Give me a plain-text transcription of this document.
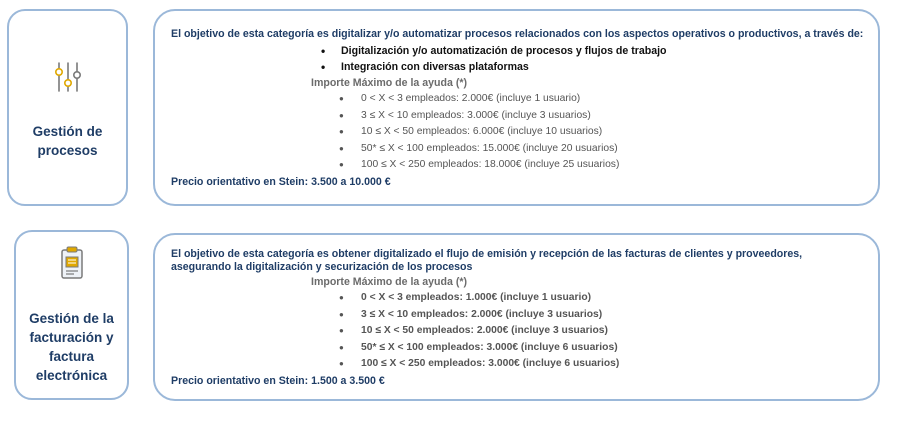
Gestión de
procesos
El objetivo de esta categoría es digitalizar y/o automatizar procesos relacionados con los aspectos operativos o productivos, a través de:
• Digitalización y/o automatización de procesos y flujos de trabajo
• Integración con diversas plataformas
Importe Máximo de la ayuda (*)
● 0 < X < 3 empleados: 2.000€ (incluye 1 usuario)
● 3 ≤ X < 10 empleados: 3.000€ (incluye 3 usuarios)
● 10 ≤ X < 50 empleados: 6.000€ (incluye 10 usuarios)
● 50* ≤ X < 100 empleados: 15.000€ (incluye 20 usuarios)
● 100 ≤ X < 250 empleados: 18.000€ (incluye 25 usuarios)
Precio orientativo en Stein: 3.500 a 10.000 €
Gestión de la
facturación y
factura
electrónica
El objetivo de esta categoría es obtener digitalizado el flujo de emisión y recepción de las facturas de clientes y proveedores, asegurando la digitalización y securización de los procesos
Importe Máximo de la ayuda (*)
● 0 < X < 3 empleados: 1.000€ (incluye 1 usuario)
● 3 ≤ X < 10 empleados: 2.000€ (incluye 3 usuarios)
● 10 ≤ X < 50 empleados: 2.000€ (incluye 3 usuarios)
● 50* ≤ X < 100 empleados: 3.000€ (incluye 6 usuarios)
● 100 ≤ X < 250 empleados: 3.000€ (incluye 6 usuarios)
Precio orientativo en Stein: 1.500 a 3.500 €
